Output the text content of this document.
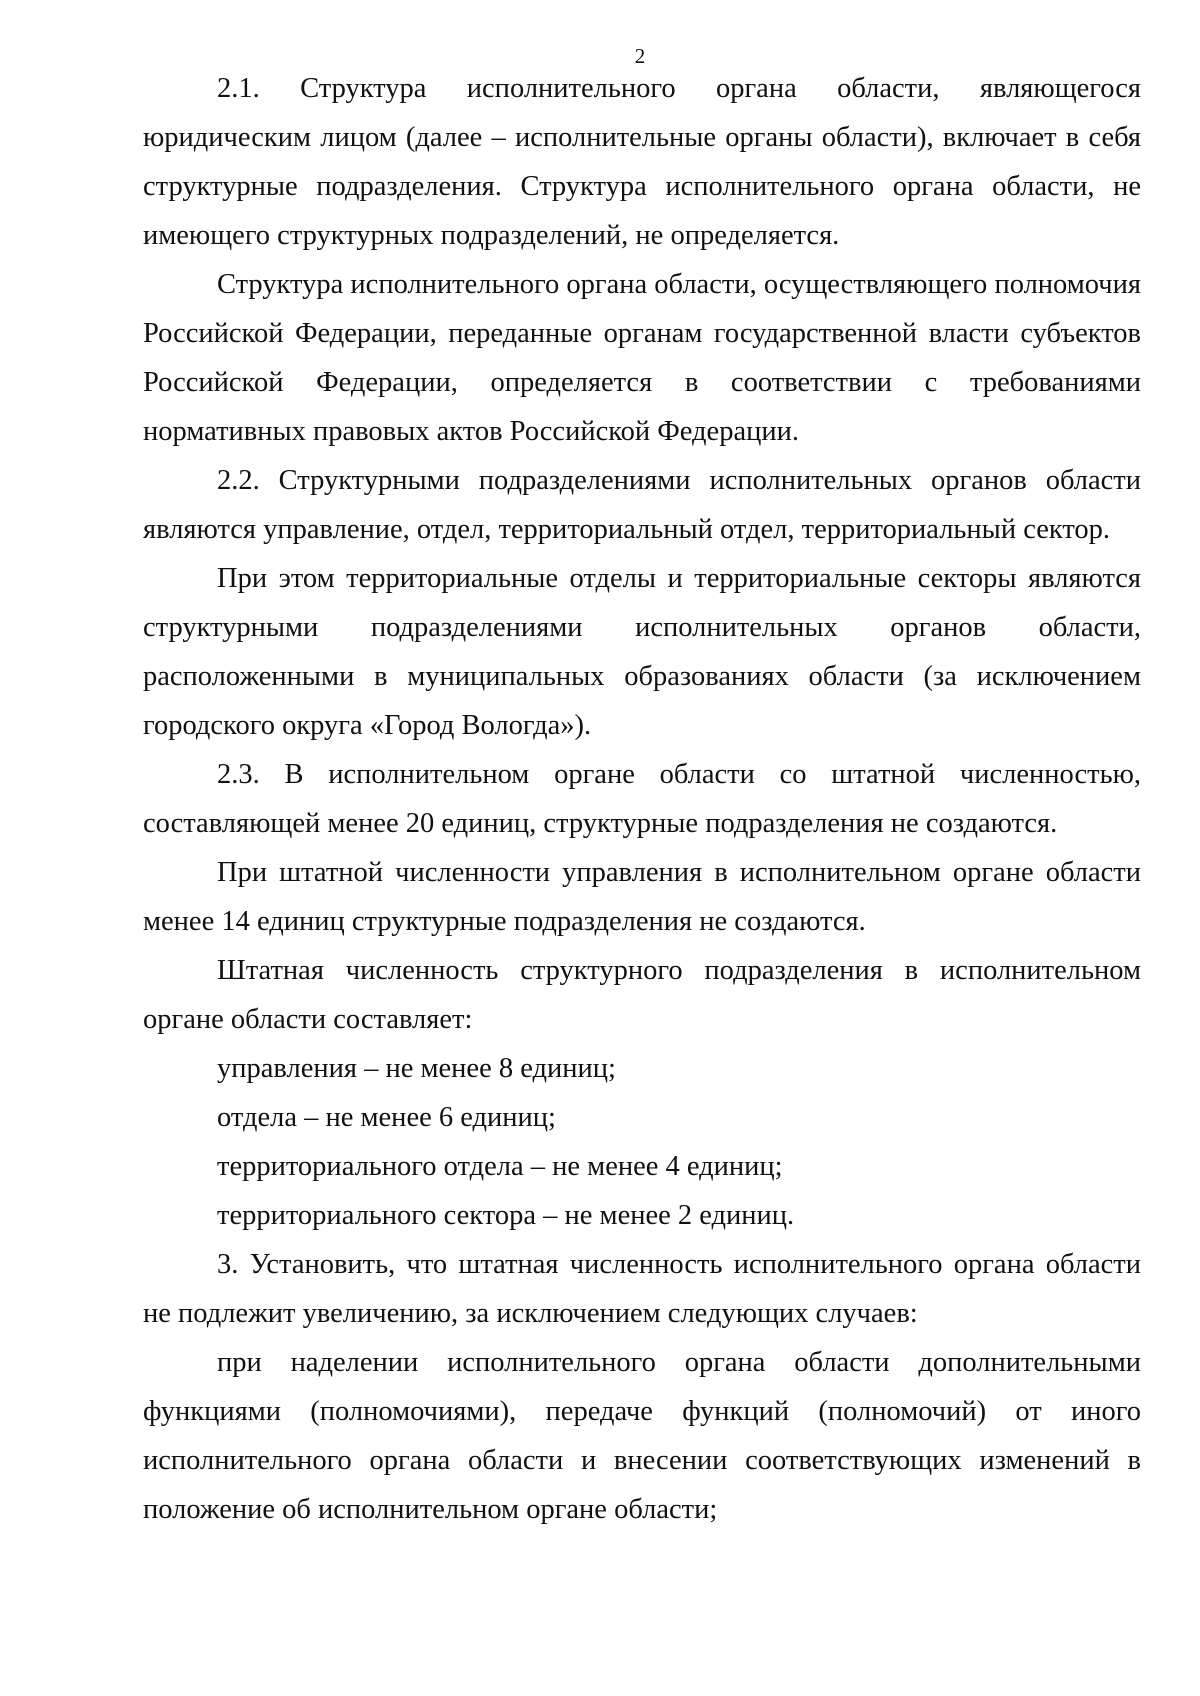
2

2.1. Структура исполнительного органа области, являющегося юридическим лицом (далее – исполнительные органы области), включает в себя структурные подразделения. Структура исполнительного органа области, не имеющего структурных подразделений, не определяется.

Структура исполнительного органа области, осуществляющего полномочия Российской Федерации, переданные органам государственной власти субъектов Российской Федерации, определяется в соответствии с требованиями нормативных правовых актов Российской Федерации.

2.2. Структурными подразделениями исполнительных органов области являются управление, отдел, территориальный отдел, территориальный сектор.

При этом территориальные отделы и территориальные секторы являются структурными подразделениями исполнительных органов области, расположенными в муниципальных образованиях области (за исключением городского округа «Город Вологда»).

2.3. В исполнительном органе области со штатной численностью, составляющей менее 20 единиц, структурные подразделения не создаются.

При штатной численности управления в исполнительном органе области менее 14 единиц структурные подразделения не создаются.

Штатная численность структурного подразделения в исполнительном органе области составляет:

управления – не менее 8 единиц;

отдела – не менее 6 единиц;

территориального отдела – не менее 4 единиц;

территориального сектора – не менее 2 единиц.

3. Установить, что штатная численность исполнительного органа области не подлежит увеличению, за исключением следующих случаев:

при наделении исполнительного органа области дополнительными функциями (полномочиями), передаче функций (полномочий) от иного исполнительного органа области и внесении соответствующих изменений в положение об исполнительном органе области;
